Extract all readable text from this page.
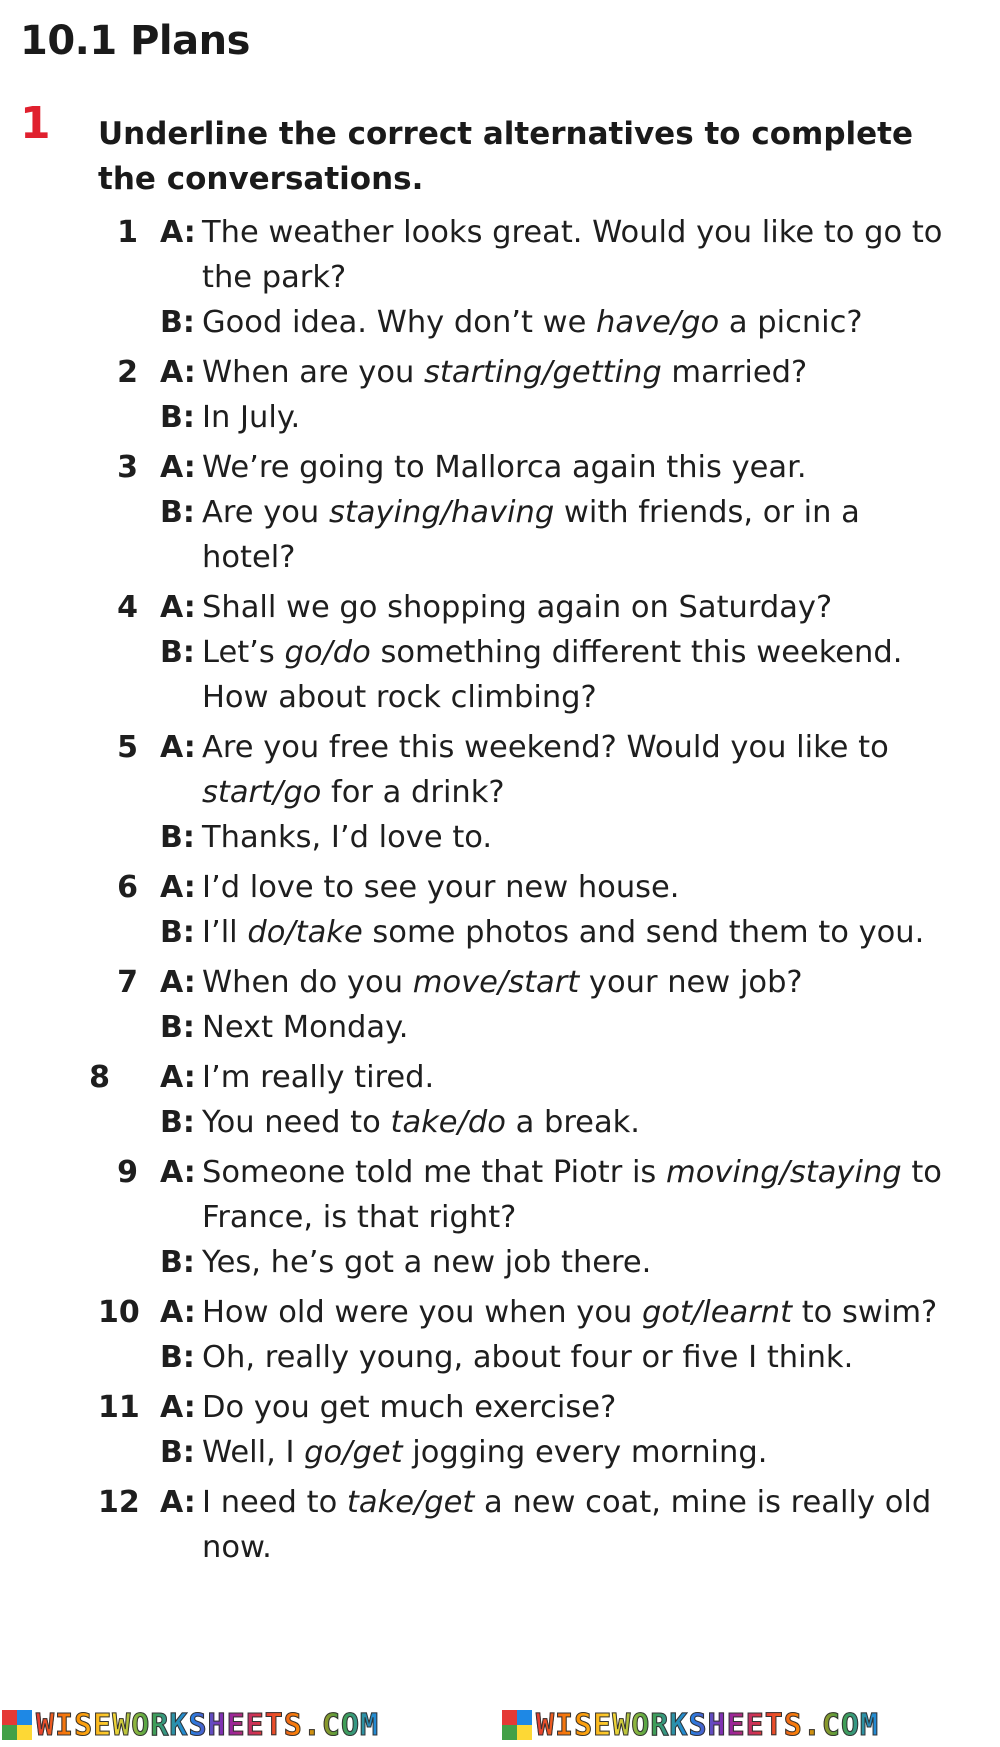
10.1 Plans
1 Underline the correct alternatives to complete the conversations.
1 A: The weather looks great. Would you like to go to the park?
B: Good idea. Why don’t we have/go a picnic?
2 A: When are you starting/getting married?
B: In July.
3 A: We’re going to Mallorca again this year.
B: Are you staying/having with friends, or in a hotel?
4 A: Shall we go shopping again on Saturday?
B: Let’s go/do something different this weekend. How about rock climbing?
5 A: Are you free this weekend? Would you like to start/go for a drink?
B: Thanks, I’d love to.
6 A: I’d love to see your new house.
B: I’ll do/take some photos and send them to you.
7 A: When do you move/start your new job?
B: Next Monday.
8 A: I’m really tired.
B: You need to take/do a break.
9 A: Someone told me that Piotr is moving/staying to France, is that right?
B: Yes, he’s got a new job there.
10 A: How old were you when you got/learnt to swim?
B: Oh, really young, about four or five I think.
11 A: Do you get much exercise?
B: Well, I go/get jogging every morning.
12 A: I need to take/get a new coat, mine is really old now.
WISEWORKSHEETS.COM	WISEWORKSHEETS.COM
